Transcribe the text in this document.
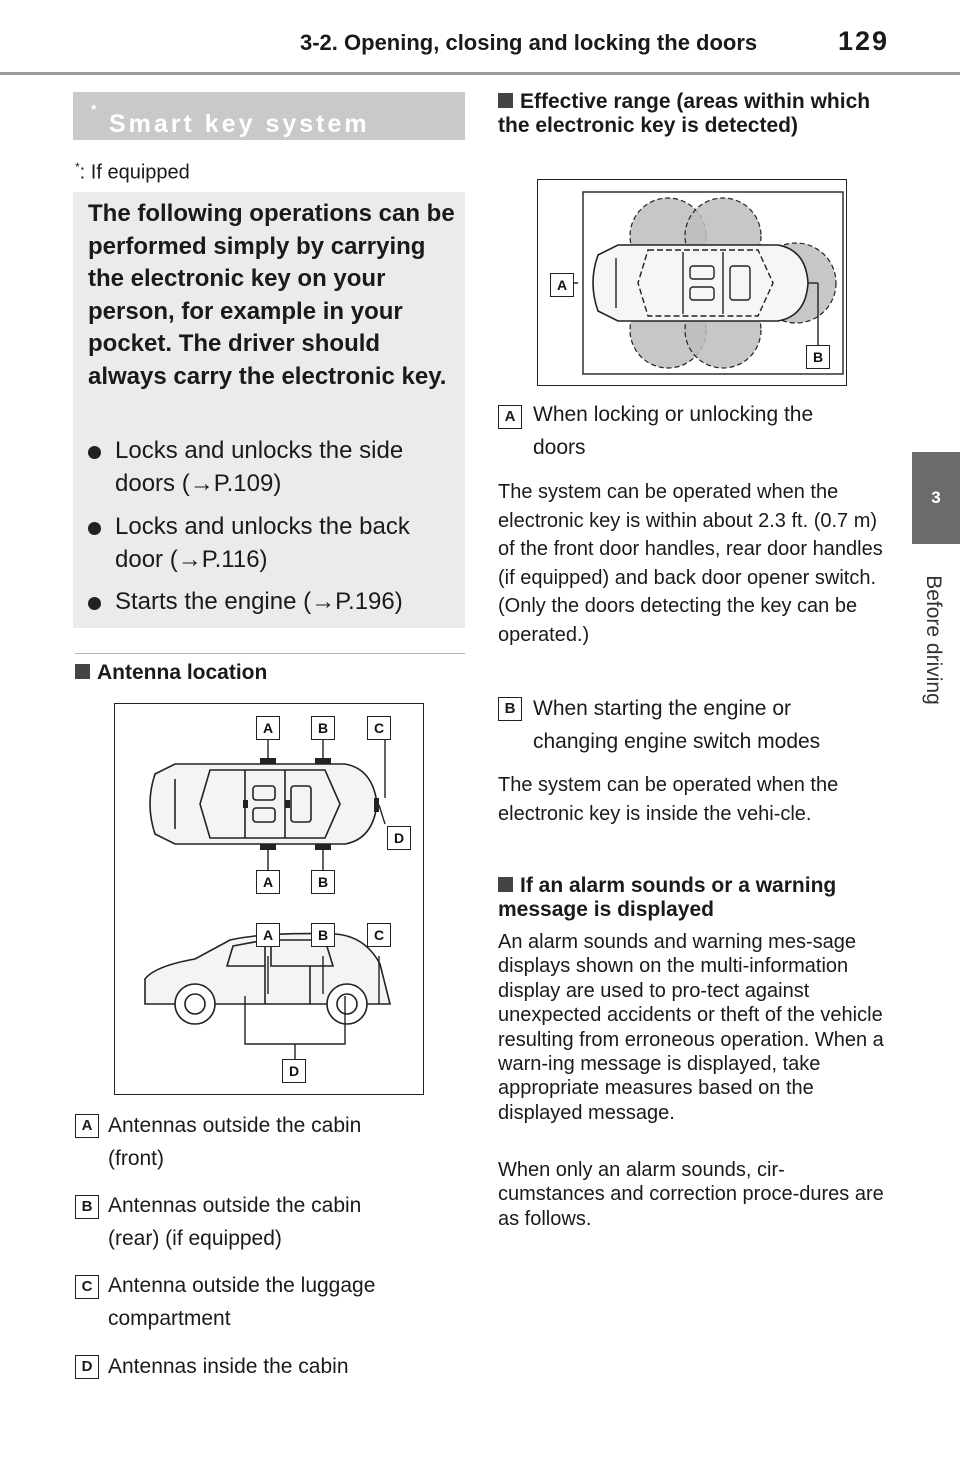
3-2. Opening, closing and locking the doors	129
3
Before driving
Smart key system
*
*: If equipped
The following operations can be performed simply by carrying the electronic key on your person, for example in your pocket. The driver should always carry the electronic key.
Locks and unlocks the side doors (→P.109)
Locks and unlocks the back door (→P.116)
Starts the engine (→P.196)
Antenna location
A	B	C
D
A	B
A	B	C
D
A Antennas outside the cabin (front)
B Antennas outside the cabin (rear) (if equipped)
C Antenna outside the luggage compartment
D Antennas inside the cabin
Effective range (areas within which the electronic key is detected)
A
B
A When locking or unlocking the doors
The system can be operated when the electronic key is within about 2.3 ft. (0.7 m) of the front door handles, rear door handles (if equipped) and back door opener switch. (Only the doors detecting the key can be operated.)
B When starting the engine or changing engine switch modes
The system can be operated when the electronic key is inside the vehi-cle.
If an alarm sounds or a warning message is displayed
An alarm sounds and warning mes-sage displays shown on the multi-information display are used to pro-tect against unexpected accidents or theft of the vehicle resulting from erroneous operation. When a warn-ing message is displayed, take appropriate measures based on the displayed message.
When only an alarm sounds, cir-cumstances and correction proce-dures are as follows.
